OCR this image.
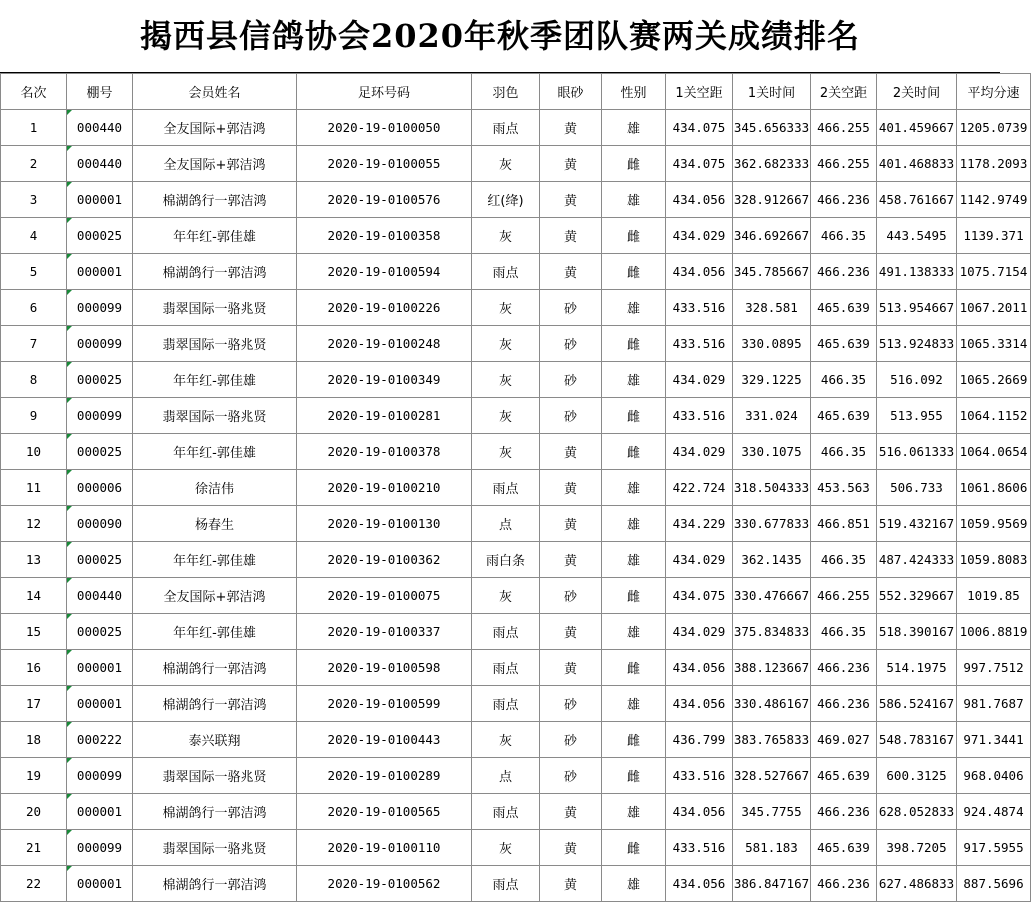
揭西县信鸽协会2020年秋季团队赛两关成绩排名
名次	棚号	会员姓名	足环号码	羽色	眼砂	性别	1关空距	1关时间	2关空距	2关时间	平均分速
1	000440	全友国际+郭洁鸿	2020-19-0100050	雨点	黄	雄	434.075	345.656333	466.255	401.459667	1205.0739
2	000440	全友国际+郭洁鸿	2020-19-0100055	灰	黄	雌	434.075	362.682333	466.255	401.468833	1178.2093
3	000001	棉湖鸽行一郭洁鸿	2020-19-0100576	红(绛)	黄	雄	434.056	328.912667	466.236	458.761667	1142.9749
4	000025	年年红-郭佳雄	2020-19-0100358	灰	黄	雌	434.029	346.692667	466.35	443.5495	1139.371
5	000001	棉湖鸽行一郭洁鸿	2020-19-0100594	雨点	黄	雌	434.056	345.785667	466.236	491.138333	1075.7154
6	000099	翡翠国际一骆兆贤	2020-19-0100226	灰	砂	雄	433.516	328.581	465.639	513.954667	1067.2011
7	000099	翡翠国际一骆兆贤	2020-19-0100248	灰	砂	雌	433.516	330.0895	465.639	513.924833	1065.3314
8	000025	年年红-郭佳雄	2020-19-0100349	灰	砂	雄	434.029	329.1225	466.35	516.092	1065.2669
9	000099	翡翠国际一骆兆贤	2020-19-0100281	灰	砂	雌	433.516	331.024	465.639	513.955	1064.1152
10	000025	年年红-郭佳雄	2020-19-0100378	灰	黄	雌	434.029	330.1075	466.35	516.061333	1064.0654
11	000006	徐洁伟	2020-19-0100210	雨点	黄	雄	422.724	318.504333	453.563	506.733	1061.8606
12	000090	杨春生	2020-19-0100130	点	黄	雄	434.229	330.677833	466.851	519.432167	1059.9569
13	000025	年年红-郭佳雄	2020-19-0100362	雨白条	黄	雄	434.029	362.1435	466.35	487.424333	1059.8083
14	000440	全友国际+郭洁鸿	2020-19-0100075	灰	砂	雌	434.075	330.476667	466.255	552.329667	1019.85
15	000025	年年红-郭佳雄	2020-19-0100337	雨点	黄	雄	434.029	375.834833	466.35	518.390167	1006.8819
16	000001	棉湖鸽行一郭洁鸿	2020-19-0100598	雨点	黄	雌	434.056	388.123667	466.236	514.1975	997.7512
17	000001	棉湖鸽行一郭洁鸿	2020-19-0100599	雨点	砂	雄	434.056	330.486167	466.236	586.524167	981.7687
18	000222	泰兴联翔	2020-19-0100443	灰	砂	雌	436.799	383.765833	469.027	548.783167	971.3441
19	000099	翡翠国际一骆兆贤	2020-19-0100289	点	砂	雌	433.516	328.527667	465.639	600.3125	968.0406
20	000001	棉湖鸽行一郭洁鸿	2020-19-0100565	雨点	黄	雄	434.056	345.7755	466.236	628.052833	924.4874
21	000099	翡翠国际一骆兆贤	2020-19-0100110	灰	黄	雌	433.516	581.183	465.639	398.7205	917.5955
22	000001	棉湖鸽行一郭洁鸿	2020-19-0100562	雨点	黄	雄	434.056	386.847167	466.236	627.486833	887.5696
